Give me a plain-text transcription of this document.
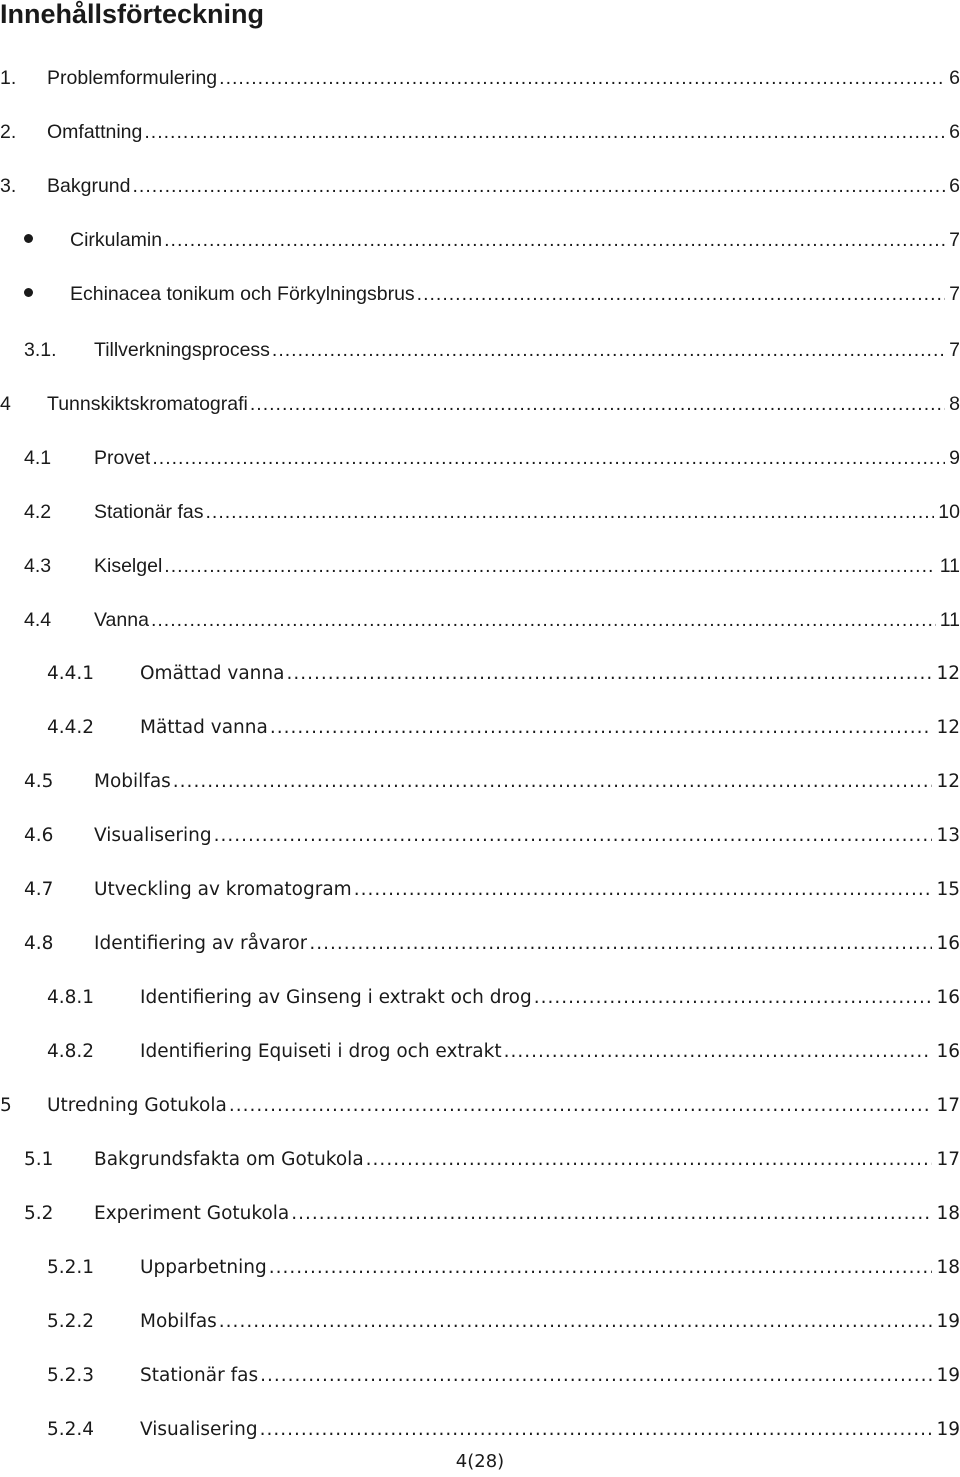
Innehållsförteckning
1.	Problemformulering .....	6
2.	Omfattning .....	6
3.	Bakgrund .....	6
Cirkulamin .....	7
Echinacea tonikum och Förkylningsbrus .....	7
3.1.	Tillverkningsprocess .....	7
4	Tunnskiktskromatografi .....	8
4.1	Provet .....	9
4.2	Stationär fas .....	10
4.3	Kiselgel .....	11
4.4	Vanna .....	11
4.4.1	Omättad vanna .....	12
4.4.2	Mättad vanna .....	12
4.5	Mobilfas .....	12
4.6	Visualisering .....	13
4.7	Utveckling av kromatogram .....	15
4.8	Identifiering av råvaror .....	16
4.8.1	Identifiering av Ginseng i extrakt och drog .....	16
4.8.2	Identifiering Equiseti i drog och extrakt .....	16
5	Utredning Gotukola .....	17
5.1	Bakgrundsfakta om Gotukola .....	17
5.2	Experiment Gotukola .....	18
5.2.1	Upparbetning .....	18
5.2.2	Mobilfas .....	19
5.2.3	Stationär fas .....	19
5.2.4	Visualisering .....	19
4(28)
